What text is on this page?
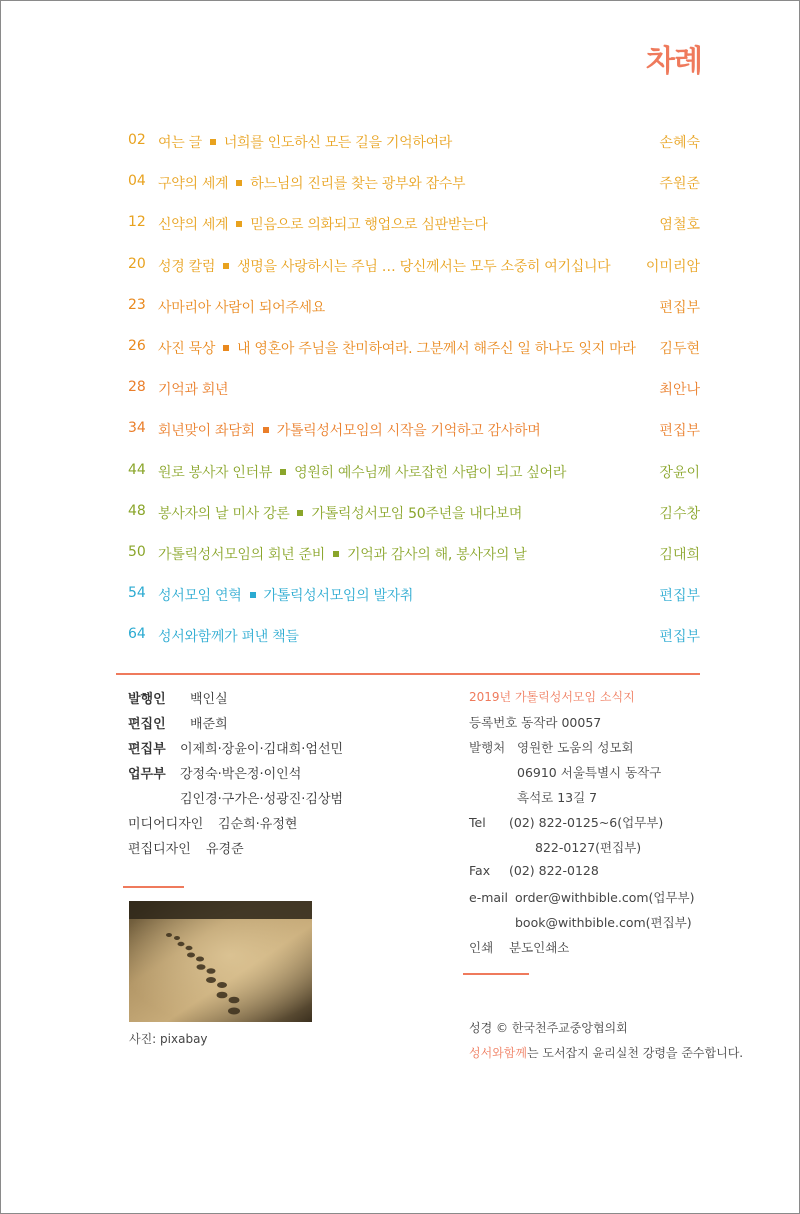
차례
02 여는 글 너희를 인도하신 모든 길을 기억하여라	손혜숙
04 구약의 세계 하느님의 진리를 찾는 광부와 잠수부	주원준
12 신약의 세계 믿음으로 의화되고 행업으로 심판받는다	염철호
20 성경 칼럼 생명을 사랑하시는 주님 … 당신께서는 모두 소중히 여기십니다	이미리암
23 사마리아 사람이 되어주세요	편집부
26 사진 묵상 내 영혼아 주님을 찬미하여라. 그분께서 해주신 일 하나도 잊지 마라 김두현
28 기억과 회년	최안나
34 회년맞이 좌담회 가톨릭성서모임의 시작을 기억하고 감사하며	편집부
44 원로 봉사자 인터뷰 영원히 예수님께 사로잡힌 사람이 되고 싶어라	장윤이
48 봉사자의 날 미사 강론 가톨릭성서모임 50주년을 내다보며	김수창
50 가톨릭성서모임의 회년 준비 기억과 감사의 해, 봉사자의 날	김대희
54 성서모임 연혁 가톨릭성서모임의 발자취	편집부
64 성서와함께가 펴낸 책들	편집부
발행인 백인실
편집인 배준희
편집부 이제희·장윤이·김대희·엄선민
업무부 강정숙·박은정·이인석
김인경·구가은·성광진·김상범
미디어디자인 김순희·유정현
편집디자인 유경준
사진: pixabay
2019년 가톨릭성서모임 소식지
등록번호 동작라 00057
발행처 영원한 도움의 성모회
06910 서울특별시 동작구
흑석로 13길 7
Tel (02) 822-0125~6(업무부)
822-0127(편집부)
Fax (02) 822-0128
e-mail order@withbible.com(업무부)
book@withbible.com(편집부)
인쇄 분도인쇄소
성경 © 한국천주교중앙협의회
성서와함께는 도서잡지 윤리실천 강령을 준수합니다.
